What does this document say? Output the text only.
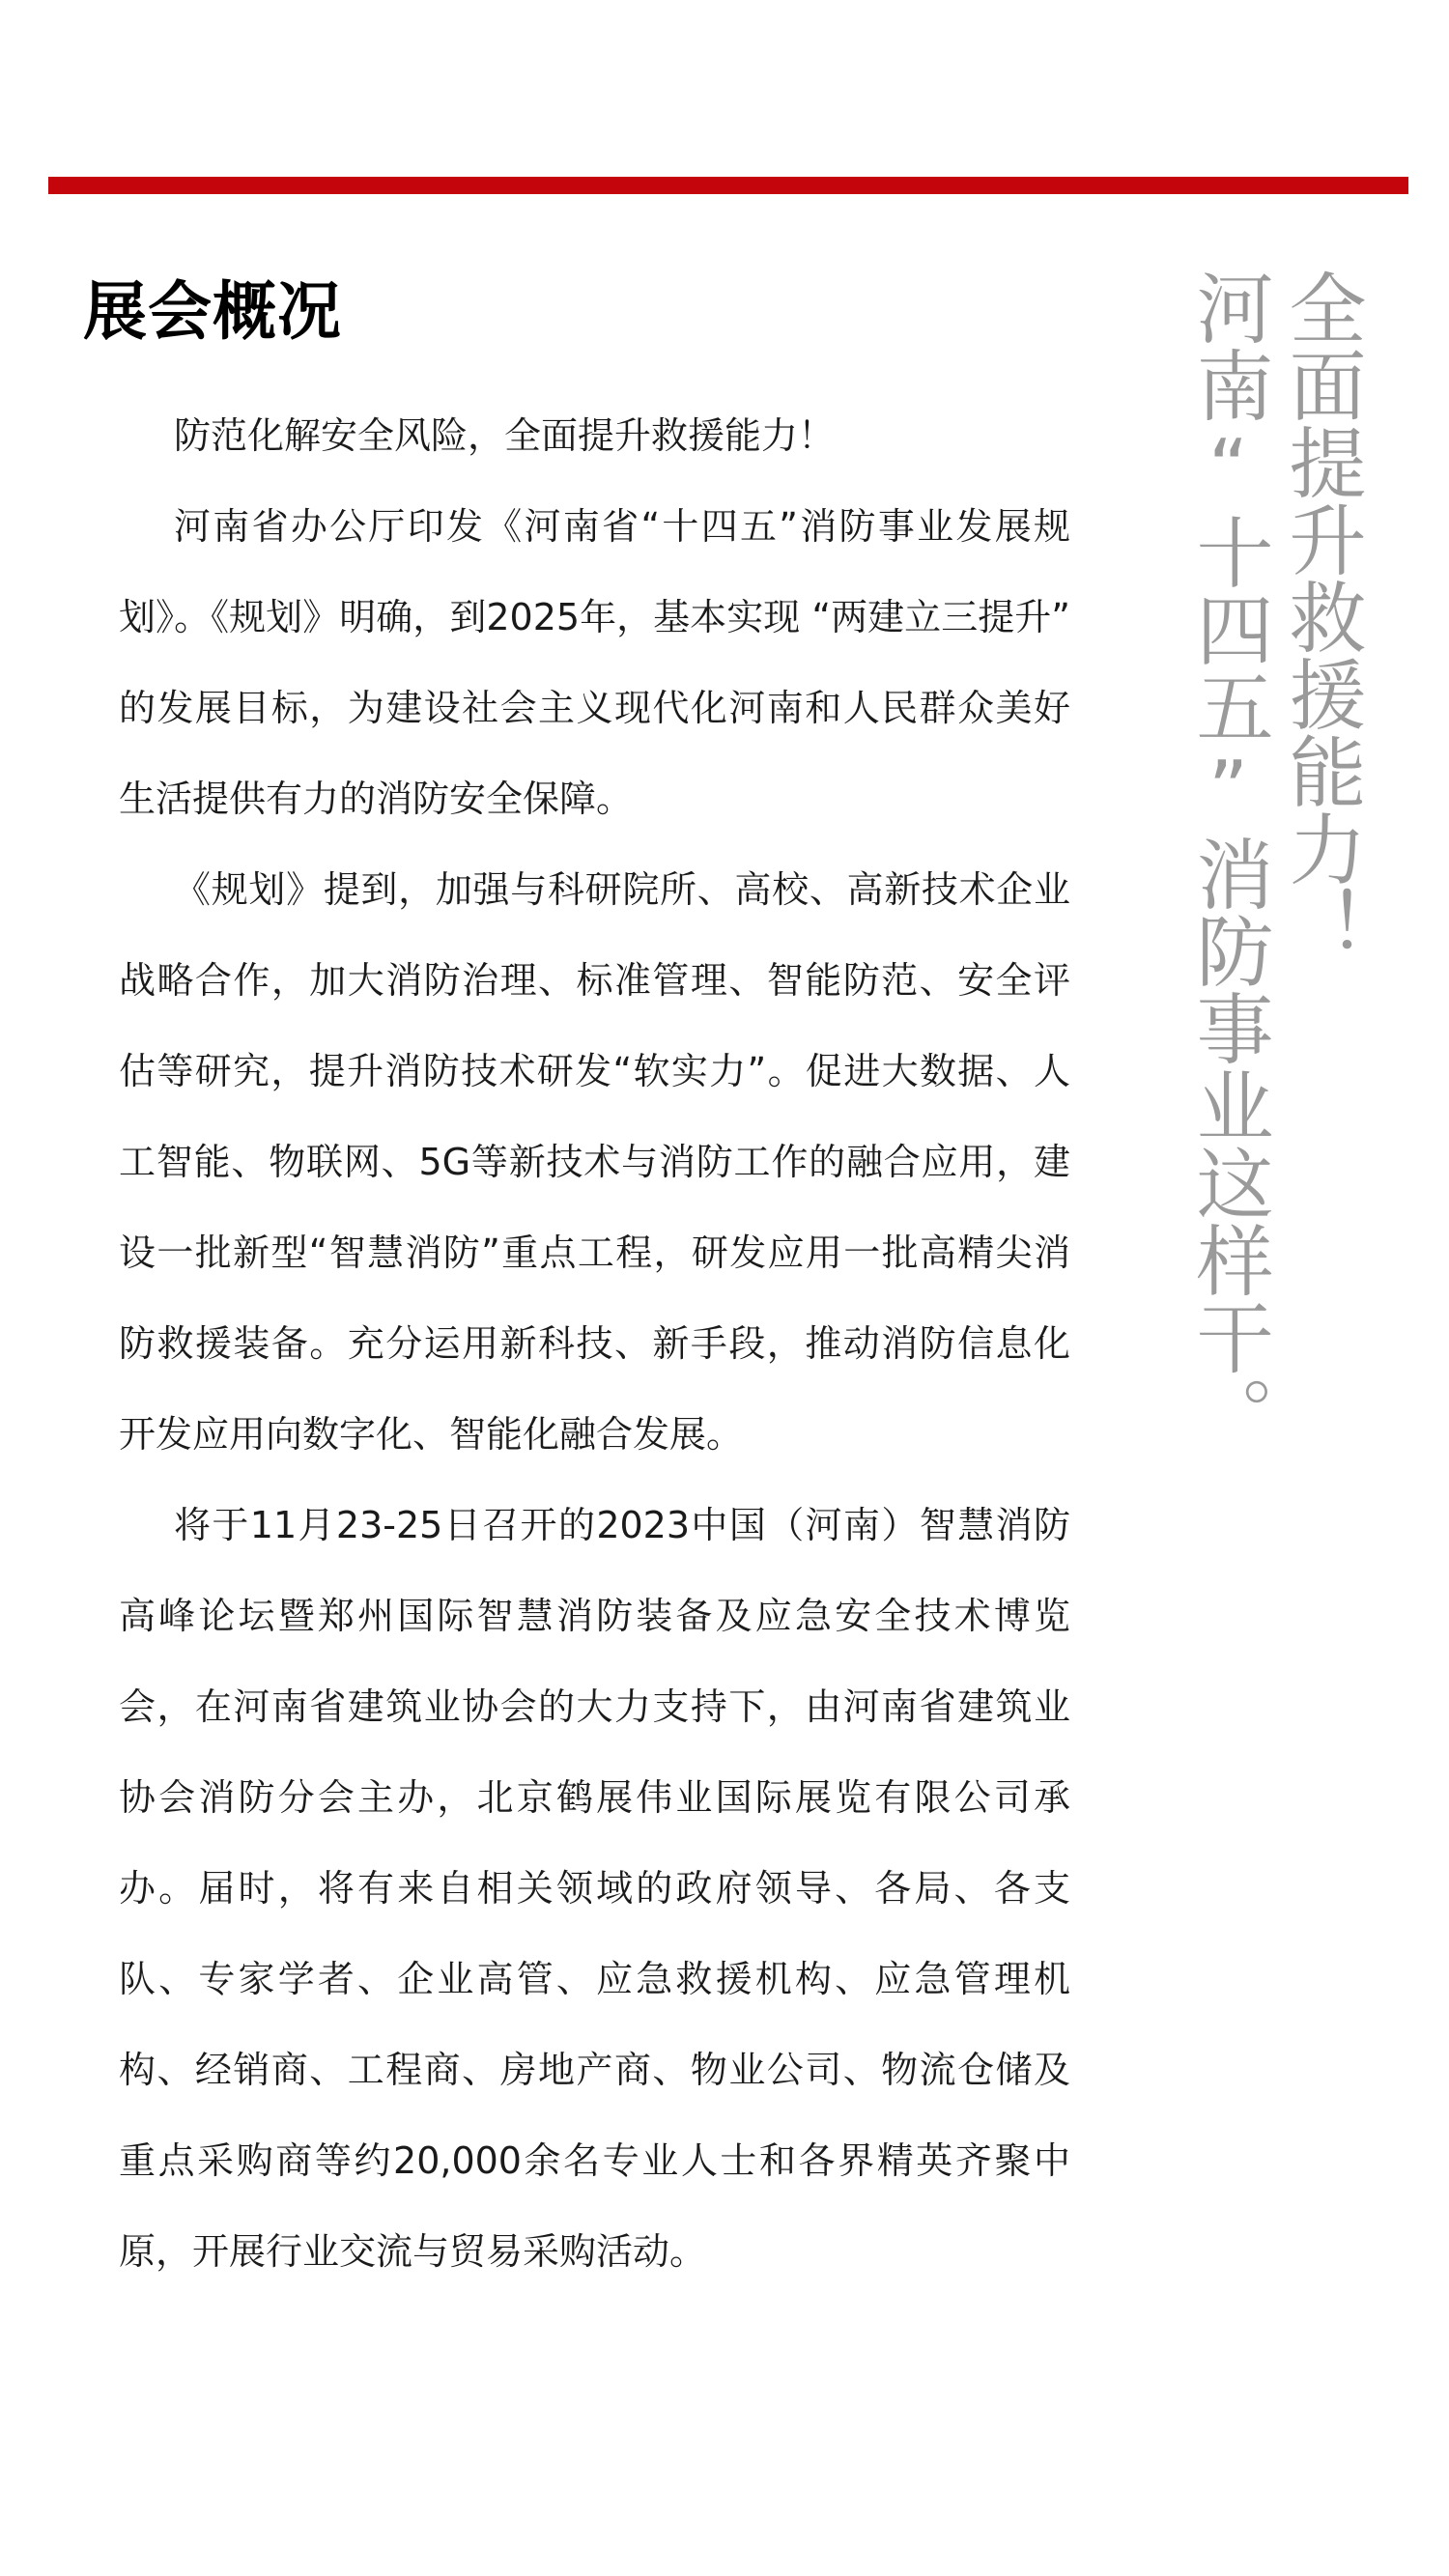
展会概况

防范化解安全风险，全面提升救援能力！

河南省办公厅印发《河南省“十四五”消防事业发展规划》。《规划》明确，到2025年，基本实现 “两建立三提升” 的发展目标，为建设社会主义现代化河南和人民群众美好生活提供有力的消防安全保障。

《规划》提到，加强与科研院所、高校、高新技术企业战略合作，加大消防治理、标准管理、智能防范、安全评估等研究，提升消防技术研发“软实力”。促进大数据、人工智能、物联网、5G等新技术与消防工作的融合应用，建设一批新型“智慧消防”重点工程，研发应用一批高精尖消防救援装备。充分运用新科技、新手段，推动消防信息化开发应用向数字化、智能化融合发展。

将于11月23-25日召开的2023中国（河南）智慧消防高峰论坛暨郑州国际智慧消防装备及应急安全技术博览会，在河南省建筑业协会的大力支持下，由河南省建筑业协会消防分会主办，北京鹤展伟业国际展览有限公司承办。届时，将有来自相关领域的政府领导、各局、各支队、专家学者、企业高管、应急救援机构、应急管理机构、经销商、工程商、房地产商、物业公司、物流仓储及重点采购商等约20,000余名专业人士和各界精英齐聚中原，开展行业交流与贸易采购活动。

全面提升救援能力！
河南“十四五”消防事业这样干。
